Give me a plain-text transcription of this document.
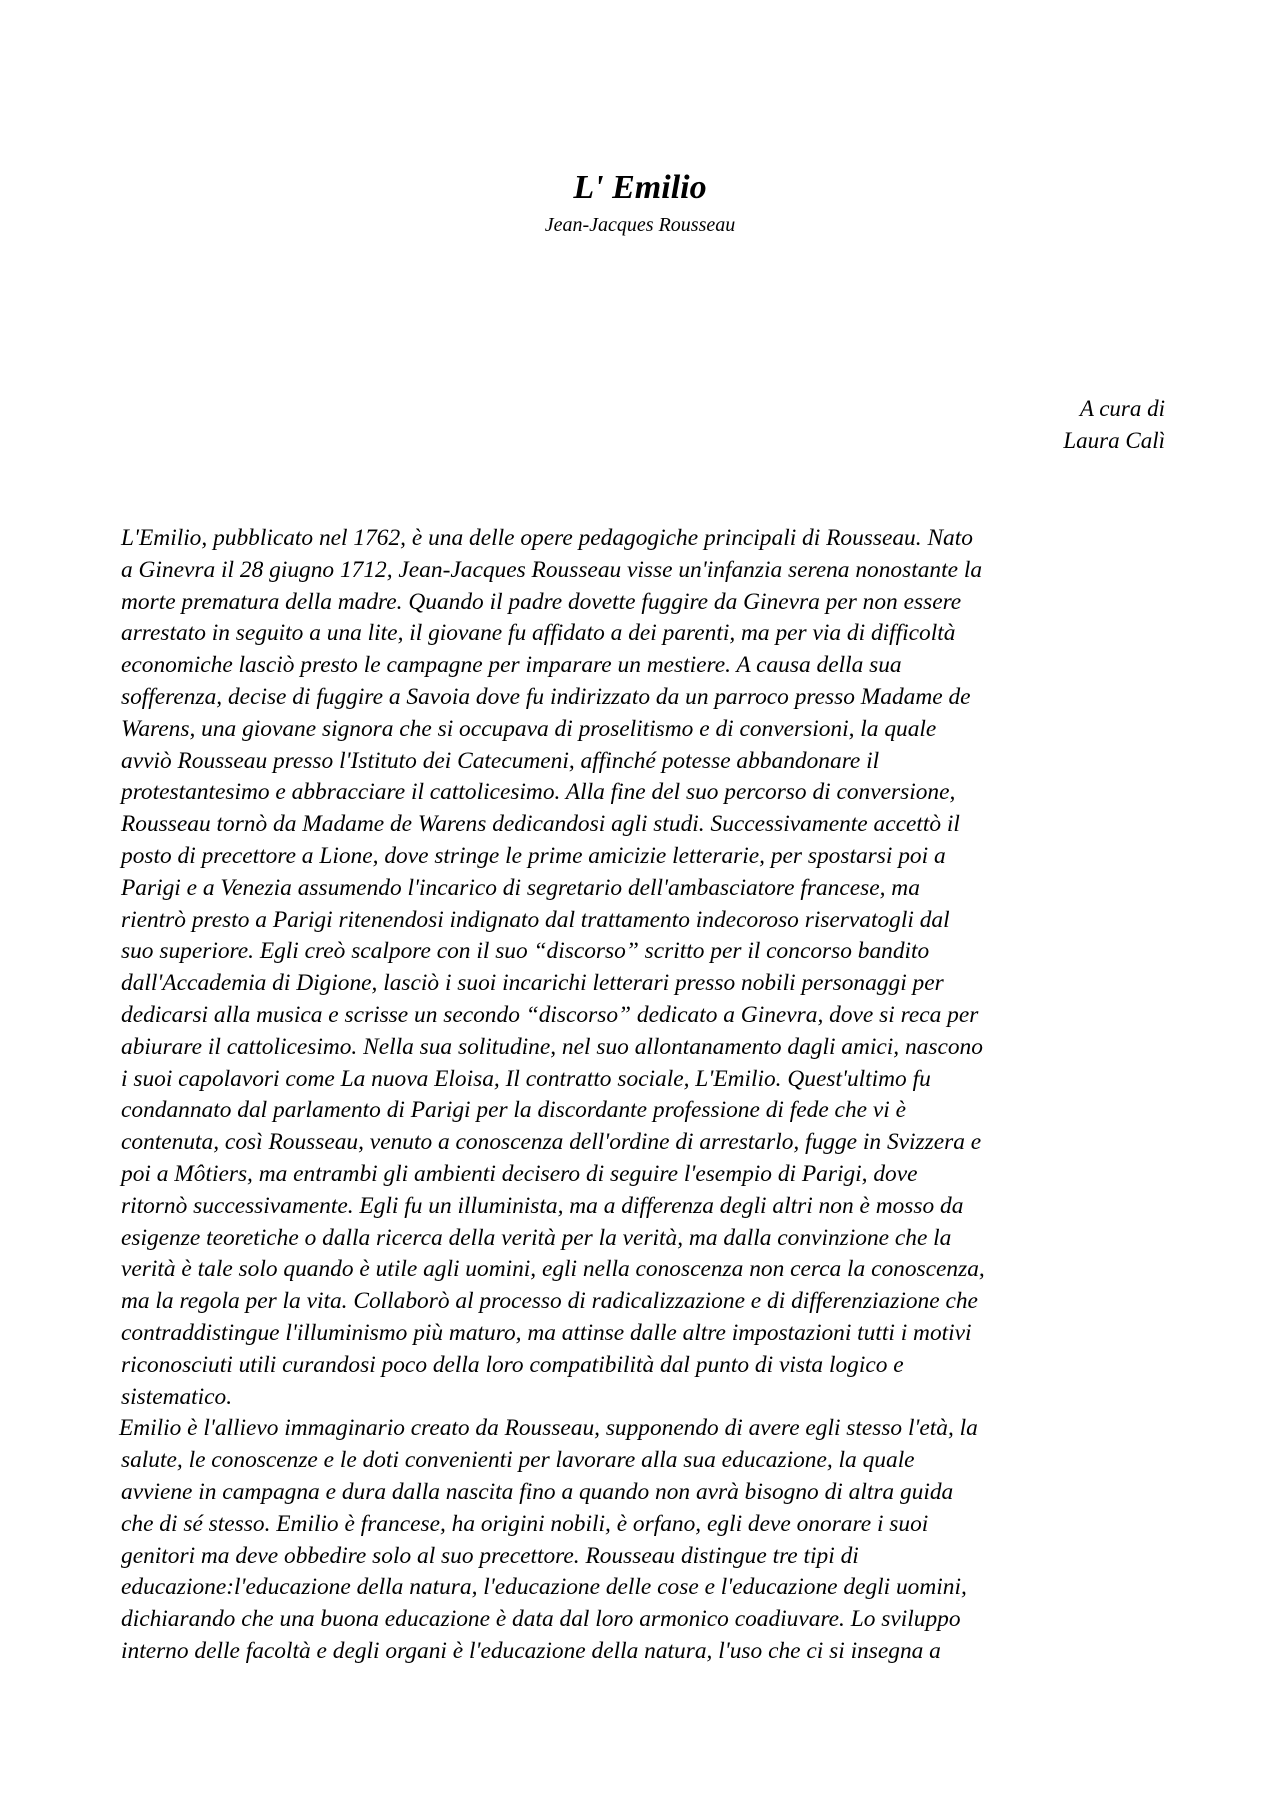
L' Emilio
Jean-Jacques Rousseau
A cura di
Laura Calì
L'Emilio, pubblicato nel 1762, è una delle opere pedagogiche principali di Rousseau. Nato
a Ginevra il 28 giugno 1712, Jean-Jacques Rousseau visse un'infanzia serena nonostante la
morte prematura della madre. Quando il padre dovette fuggire da Ginevra per non essere
arrestato in seguito a una lite, il giovane fu affidato a dei parenti, ma per via di difficoltà
economiche lasciò presto le campagne per imparare un mestiere. A causa della sua
sofferenza, decise di fuggire a Savoia dove fu indirizzato da un parroco presso Madame de
Warens, una giovane signora che si occupava di proselitismo e di conversioni, la quale
avviò Rousseau presso l'Istituto dei Catecumeni, affinché potesse abbandonare il
protestantesimo e abbracciare il cattolicesimo. Alla fine del suo percorso di conversione,
Rousseau tornò da Madame de Warens dedicandosi agli studi. Successivamente accettò il
posto di precettore a Lione, dove stringe le prime amicizie letterarie, per spostarsi poi a
Parigi e a Venezia assumendo l'incarico di segretario dell'ambasciatore francese, ma
rientrò presto a Parigi ritenendosi indignato dal trattamento indecoroso riservatogli dal
suo superiore. Egli creò scalpore con il suo “discorso” scritto per il concorso bandito
dall'Accademia di Digione, lasciò i suoi incarichi letterari presso nobili personaggi per
dedicarsi alla musica e scrisse un secondo “discorso” dedicato a Ginevra, dove si reca per
abiurare il cattolicesimo. Nella sua solitudine, nel suo allontanamento dagli amici, nascono
i suoi capolavori come La nuova Eloisa, Il contratto sociale, L'Emilio. Quest'ultimo fu
condannato dal parlamento di Parigi per la discordante professione di fede che vi è
contenuta, così Rousseau, venuto a conoscenza dell'ordine di arrestarlo, fugge in Svizzera e
poi a Môtiers, ma entrambi gli ambienti decisero di seguire l'esempio di Parigi, dove
ritornò successivamente. Egli fu un illuminista, ma a differenza degli altri non è mosso da
esigenze teoretiche o dalla ricerca della verità per la verità, ma dalla convinzione che la
verità è tale solo quando è utile agli uomini, egli nella conoscenza non cerca la conoscenza,
ma la regola per la vita. Collaborò al processo di radicalizzazione e di differenziazione che
contraddistingue l'illuminismo più maturo, ma attinse dalle altre impostazioni tutti i motivi
riconosciuti utili curandosi poco della loro compatibilità dal punto di vista logico e
sistematico.
Emilio è l'allievo immaginario creato da Rousseau, supponendo di avere egli stesso l'età, la
salute, le conoscenze e le doti convenienti per lavorare alla sua educazione, la quale
avviene in campagna e dura dalla nascita fino a quando non avrà bisogno di altra guida
che di sé stesso. Emilio è francese, ha origini nobili, è orfano, egli deve onorare i suoi
genitori ma deve obbedire solo al suo precettore. Rousseau distingue tre tipi di
educazione:l'educazione della natura, l'educazione delle cose e l'educazione degli uomini,
dichiarando che una buona educazione è data dal loro armonico coadiuvare. Lo sviluppo
interno delle facoltà e degli organi è l'educazione della natura, l'uso che ci si insegna a
